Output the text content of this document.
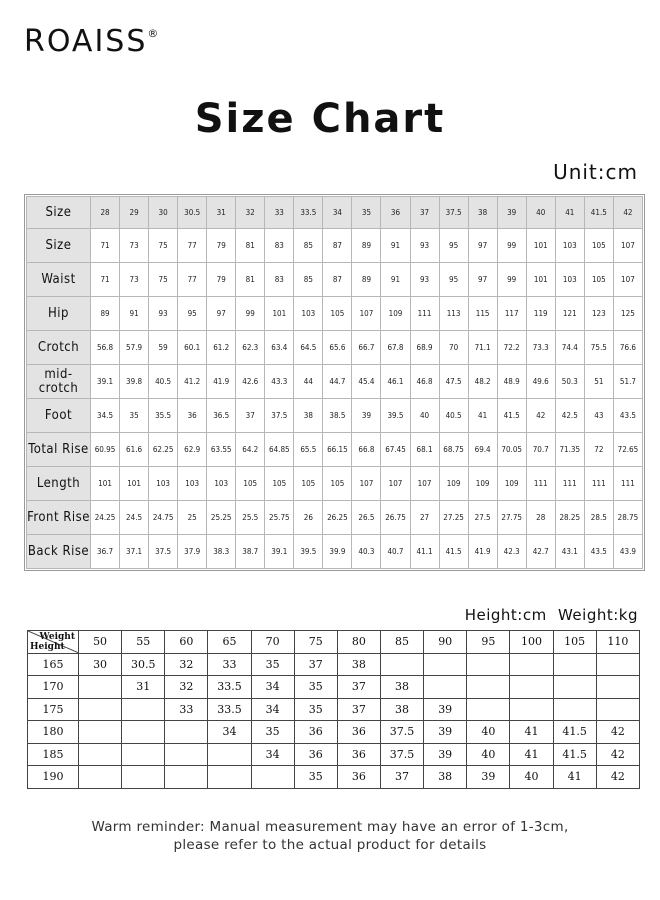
ROAISS®
Size Chart
Unit:cm
Size	28	29	30	30.5	31	32	33	33.5	34	35	36	37	37.5	38	39	40	41	41.5	42
Size	71	73	75	77	79	81	83	85	87	89	91	93	95	97	99	101	103	105	107
Waist	71	73	75	77	79	81	83	85	87	89	91	93	95	97	99	101	103	105	107
Hip	89	91	93	95	97	99	101	103	105	107	109	111	113	115	117	119	121	123	125
Crotch	56.8	57.9	59	60.1	61.2	62.3	63.4	64.5	65.6	66.7	67.8	68.9	70	71.1	72.2	73.3	74.4	75.5	76.6
mid-crotch	39.1	39.8	40.5	41.2	41.9	42.6	43.3	44	44.7	45.4	46.1	46.8	47.5	48.2	48.9	49.6	50.3	51	51.7
Foot	34.5	35	35.5	36	36.5	37	37.5	38	38.5	39	39.5	40	40.5	41	41.5	42	42.5	43	43.5
Total Rise	60.95	61.6	62.25	62.9	63.55	64.2	64.85	65.5	66.15	66.8	67.45	68.1	68.75	69.4	70.05	70.7	71.35	72	72.65
Length	101	101	103	103	103	105	105	105	105	107	107	107	109	109	109	111	111	111	111
Front Rise	24.25	24.5	24.75	25	25.25	25.5	25.75	26	26.25	26.5	26.75	27	27.25	27.5	27.75	28	28.25	28.5	28.75
Back Rise	36.7	37.1	37.5	37.9	38.3	38.7	39.1	39.5	39.9	40.3	40.7	41.1	41.5	41.9	42.3	42.7	43.1	43.5	43.9
Height:cm Weight:kg
Weight
Height	50	55	60	65	70	75	80	85	90	95	100	105	110
165	30	30.5	32	33	35	37	38						
170		31	32	33.5	34	35	37	38					
175			33	33.5	34	35	37	38	39				
180				34	35	36	36	37.5	39	40	41	41.5	42
185					34	36	36	37.5	39	40	41	41.5	42
190						35	36	37	38	39	40	41	42
Warm reminder: Manual measurement may have an error of 1-3cm,
please refer to the actual product for details
